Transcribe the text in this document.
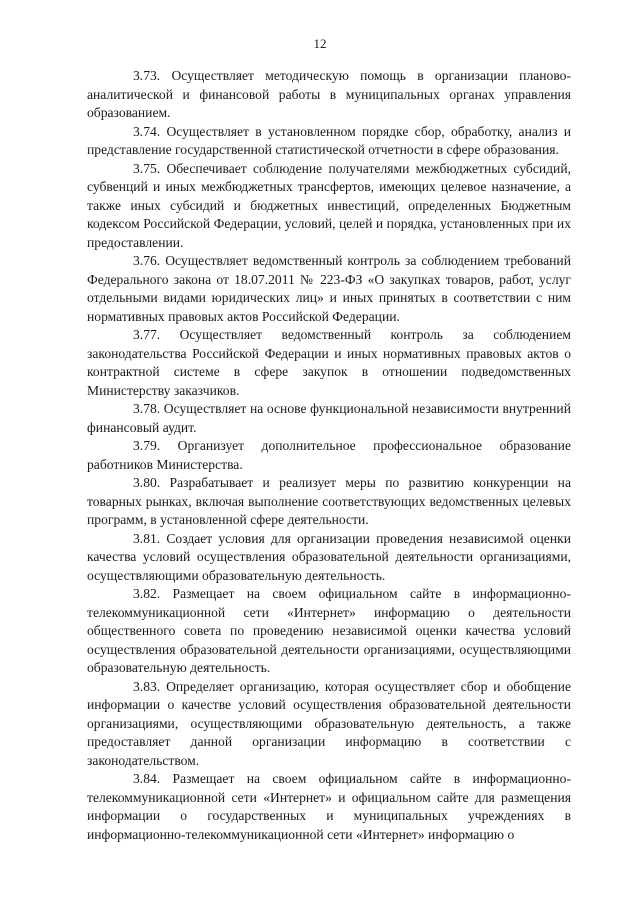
12

3.73. Осуществляет методическую помощь в организации планово-аналитической и финансовой работы в муниципальных органах управления образованием.

3.74. Осуществляет в установленном порядке сбор, обработку, анализ и представление государственной статистической отчетности в сфере образования.

3.75. Обеспечивает соблюдение получателями межбюджетных субсидий, субвенций и иных межбюджетных трансфертов, имеющих целевое назначение, а также иных субсидий и бюджетных инвестиций, определенных Бюджетным кодексом Российской Федерации, условий, целей и порядка, установленных при их предоставлении.

3.76. Осуществляет ведомственный контроль за соблюдением требований Федерального закона от 18.07.2011 № 223-ФЗ «О закупках товаров, работ, услуг отдельными видами юридических лиц» и иных принятых в соответствии с ним нормативных правовых актов Российской Федерации.

3.77. Осуществляет ведомственный контроль за соблюдением законодательства Российской Федерации и иных нормативных правовых актов о контрактной системе в сфере закупок в отношении подведомственных Министерству заказчиков.

3.78. Осуществляет на основе функциональной независимости внутренний финансовый аудит.

3.79. Организует дополнительное профессиональное образование работников Министерства.

3.80. Разрабатывает и реализует меры по развитию конкуренции на товарных рынках, включая выполнение соответствующих ведомственных целевых программ, в установленной сфере деятельности.

3.81. Создает условия для организации проведения независимой оценки качества условий осуществления образовательной деятельности организациями, осуществляющими образовательную деятельность.

3.82. Размещает на своем официальном сайте в информационно-телекоммуникационной сети «Интернет» информацию о деятельности общественного совета по проведению независимой оценки качества условий осуществления образовательной деятельности организациями, осуществляющими образовательную деятельность.

3.83. Определяет организацию, которая осуществляет сбор и обобщение информации о качестве условий осуществления образовательной деятельности организациями, осуществляющими образовательную деятельность, а также предоставляет данной организации информацию в соответствии с законодательством.

3.84. Размещает на своем официальном сайте в информационно-телекоммуникационной сети «Интернет» и официальном сайте для размещения информации о государственных и муниципальных учреждениях в информационно-телекоммуникационной сети «Интернет» информацию о
